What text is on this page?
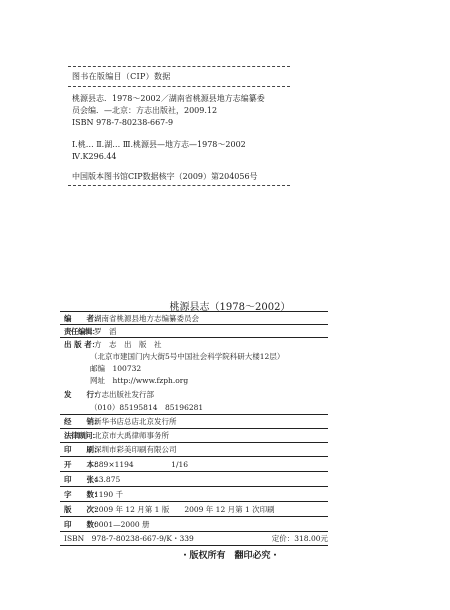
图书在版编目（CIP）数据
桃源县志．1978～2002／湖南省桃源县地方志编纂委
员会编．—北京：方志出版社，2009.12
ISBN 978-7-80238-667-9
Ⅰ.桃… Ⅱ.湖… Ⅲ.桃源县—地方志—1978～2002
Ⅳ.K296.44
中国版本图书馆CIP数据核字（2009）第204056号
桃源县志（1978～2002）
编　　者：湖南省桃源县地方志编纂委员会
责任编辑：罗　滔
出 版 者：方　志　出　版　社
（北京市建国门内大街5号中国社会科学院科研大楼12层）
邮编　100732
网址　http://www.fzph.org
发　　行：方志出版社发行部
（010）85195814　85196281
经　　销：新华书店总店北京发行所
法律顾问：北京市大禹律师事务所
印　　刷：深圳市彩美印刷有限公司
开　　本：889×1194　　　　　1/16
印　　张：43.875
字　　数：1190 千
版　　次：2009 年 12 月第 1 版　　2009 年 12 月第 1 次印刷
印　　数：0001—2000 册
ISBN　978-7-80238-667-9/K・339	定价：318.00元
・版权所有　翻印必究・
